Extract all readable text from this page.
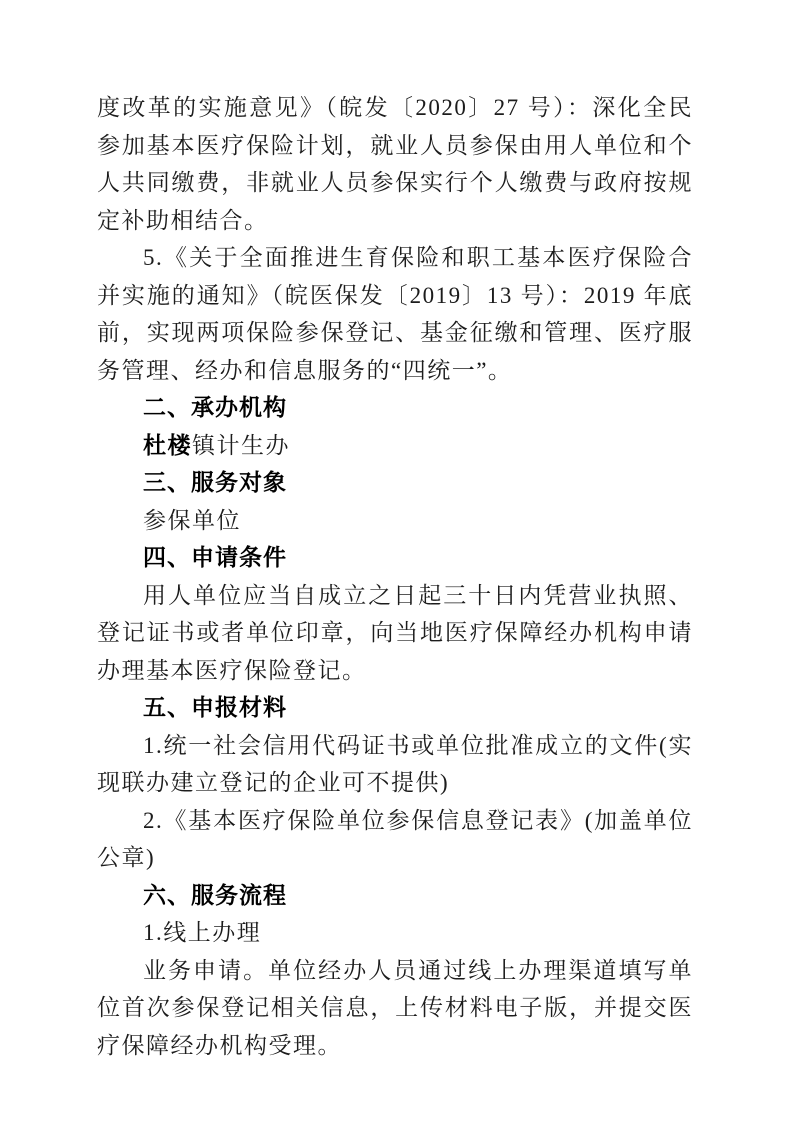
度改革的实施意见》（皖发〔2020〕27 号）：深化全民参加基本医疗保险计划，就业人员参保由用人单位和个人共同缴费，非就业人员参保实行个人缴费与政府按规定补助相结合。

5.《关于全面推进生育保险和职工基本医疗保险合并实施的通知》（皖医保发〔2019〕13 号）：2019 年底前，实现两项保险参保登记、基金征缴和管理、医疗服务管理、经办和信息服务的“四统一”。

二、承办机构

杜楼镇计生办

三、服务对象

参保单位

四、申请条件

用人单位应当自成立之日起三十日内凭营业执照、登记证书或者单位印章，向当地医疗保障经办机构申请办理基本医疗保险登记。

五、申报材料

1.统一社会信用代码证书或单位批准成立的文件(实现联办建立登记的企业可不提供)

2.《基本医疗保险单位参保信息登记表》(加盖单位公章)

六、服务流程

1.线上办理

业务申请。单位经办人员通过线上办理渠道填写单位首次参保登记相关信息，上传材料电子版，并提交医疗保障经办机构受理。
